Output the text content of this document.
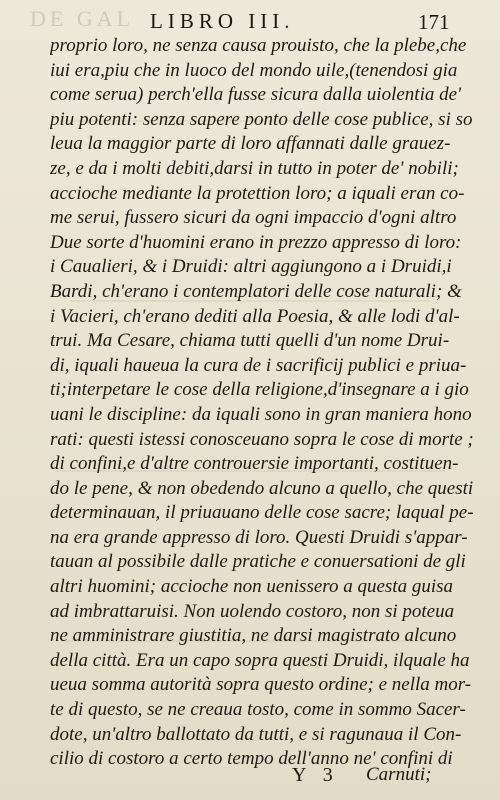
DE GAL LIBRO III.	171
proprio loro, ne senza causa prouisto, che la plebe,che
iui era,piu che in luoco del mondo uile,(tenendosi gia
come serua) perch'ella fusse sicura dalla uiolentia de'
piu potenti: senza sapere ponto delle cose publice, si so
leua la maggior parte di loro affannati dalle grauez-
ze, e da i molti debiti,darsi in tutto in poter de' nobili;
accioche mediante la protettion loro; a iquali eran co-
me serui, fussero sicuri da ogni impaccio d'ogni altro
Due sorte d'huomini erano in prezzo appresso di loro:
i Caualieri, & i Druidi: altri aggiungono a i Druidi,i
Bardi, ch'erano i contemplatori delle cose naturali; &
i Vacieri, ch'erano dediti alla Poesia, & alle lodi d'al-
trui. Ma Cesare, chiama tutti quelli d'un nome Drui-
di, iquali haueua la cura de i sacrificij publici e priua-
ti;interpetare le cose della religione,d'insegnare a i gio
uani le discipline: da iquali sono in gran maniera hono
rati: questi istessi conosceuano sopra le cose di morte ;
di confini,e d'altre controuersie importanti, costituen-
do le pene, & non obedendo alcuno a quello, che questi
determinauan, il priuauano delle cose sacre; laqual pe-
na era grande appresso di loro. Questi Druidi s'appar-
tauan al possibile dalle pratiche e conuersationi de gli
altri huomini; accioche non uenissero a questa guisa
ad imbrattaruisi. Non uolendo costoro, non si poteua
ne amministrare giustitia, ne darsi magistrato alcuno
della città. Era un capo sopra questi Druidi, ilquale ha
ueua somma autorità sopra questo ordine; e nella mor-
te di questo, se ne creaua tosto, come in sommo Sacer-
dote, un'altro ballottato da tutti, e si ragunaua il Con-
cilio di costoro a certo tempo dell'anno ne' confini di
Y 3 Carnuti;
